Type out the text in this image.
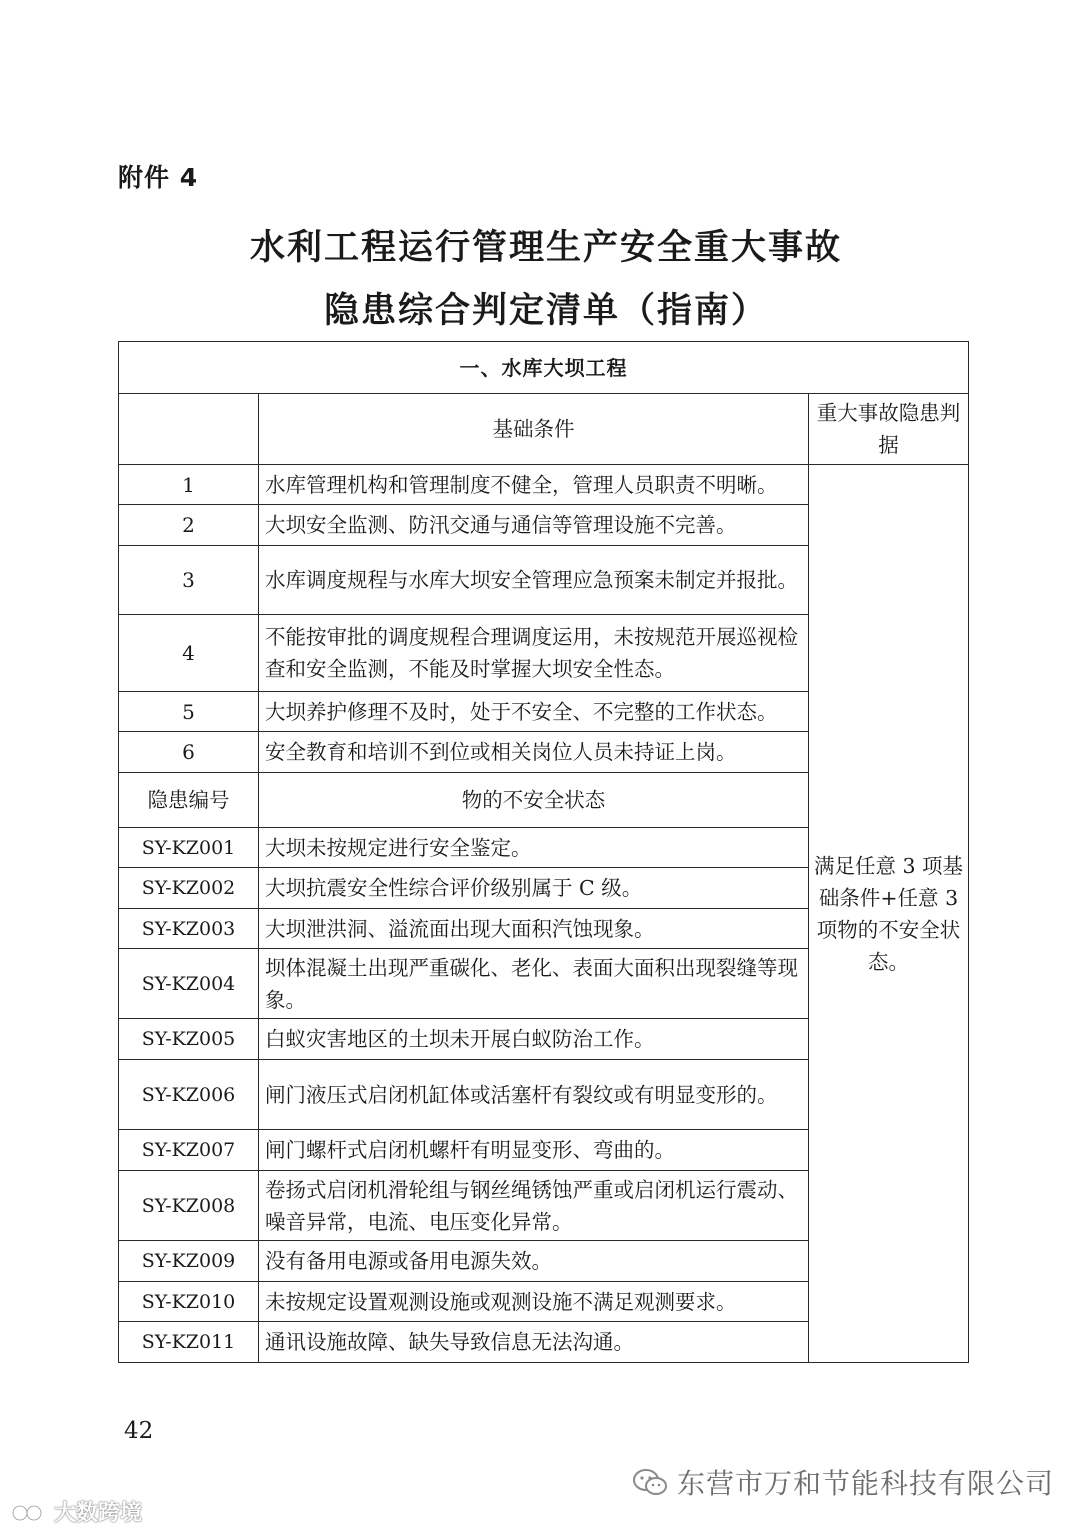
附件 4
水利工程运行管理生产安全重大事故
隐患综合判定清单（指南）
一、水库大坝工程		
	基础条件	重大事故隐患判据
1	水库管理机构和管理制度不健全，管理人员职责不明晰。	满足任意 3 项基础条件+任意 3 项物的不安全状态。
2	大坝安全监测、防汛交通与通信等管理设施不完善。	
3	水库调度规程与水库大坝安全管理应急预案未制定并报批。	
4	不能按审批的调度规程合理调度运用，未按规范开展巡视检查和安全监测，不能及时掌握大坝安全性态。	
5	大坝养护修理不及时，处于不安全、不完整的工作状态。	
6	安全教育和培训不到位或相关岗位人员未持证上岗。	
隐患编号	物的不安全状态	
SY-KZ001	大坝未按规定进行安全鉴定。	
SY-KZ002	大坝抗震安全性综合评价级别属于 C 级。	
SY-KZ003	大坝泄洪洞、溢流面出现大面积汽蚀现象。	
SY-KZ004	坝体混凝土出现严重碳化、老化、表面大面积出现裂缝等现象。	
SY-KZ005	白蚁灾害地区的土坝未开展白蚁防治工作。	
SY-KZ006	闸门液压式启闭机缸体或活塞杆有裂纹或有明显变形的。	
SY-KZ007	闸门螺杆式启闭机螺杆有明显变形、弯曲的。	
SY-KZ008	卷扬式启闭机滑轮组与钢丝绳锈蚀严重或启闭机运行震动、噪音异常，电流、电压变化异常。	
SY-KZ009	没有备用电源或备用电源失效。	
SY-KZ010	未按规定设置观测设施或观测设施不满足观测要求。	
SY-KZ011	通讯设施故障、缺失导致信息无法沟通。	
42
东营市万和节能科技有限公司
大数跨境
